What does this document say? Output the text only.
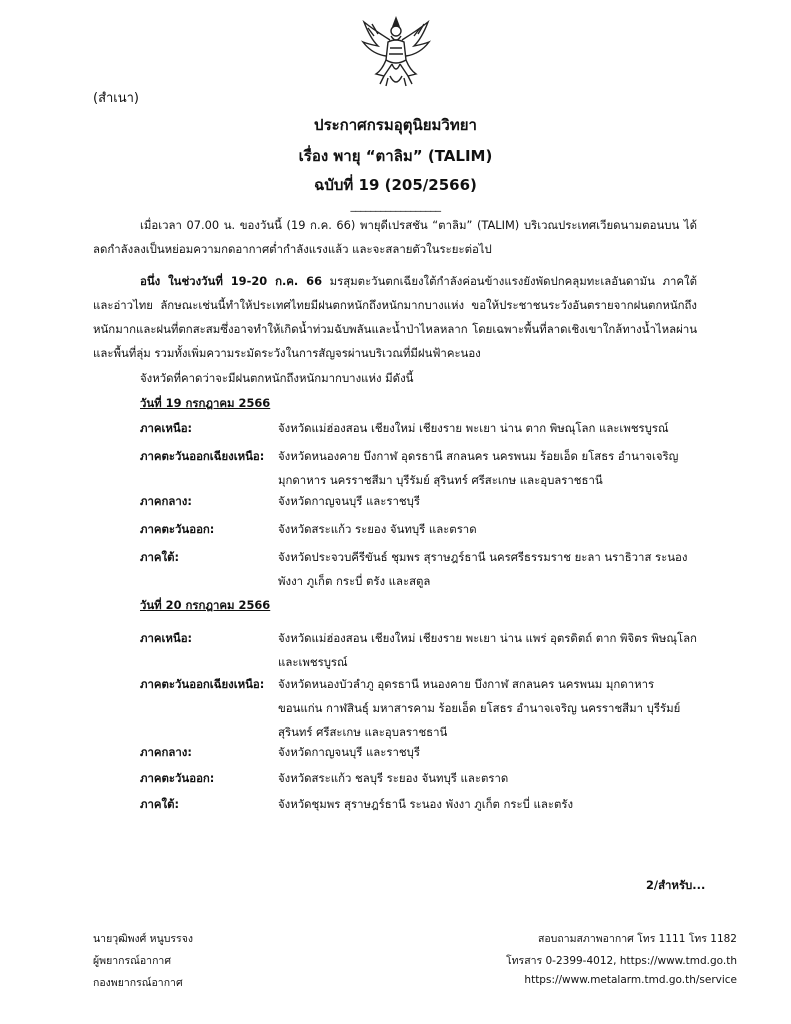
(สำเนา)
ประกาศกรมอุตุนิยมวิทยา
เรื่อง พายุ “ตาลิม” (TALIM)
ฉบับที่ 19 (205/2566)
__________________
เมื่อเวลา 07.00 น. ของวันนี้ (19 ก.ค. 66) พายุดีเปรสชัน “ตาลิม” (TALIM) บริเวณประเทศเวียดนามตอนบน ได้ลดกำลังลงเป็นหย่อมความกดอากาศต่ำกำลังแรงแล้ว และจะสลายตัวในระยะต่อไป
อนึ่ง ในช่วงวันที่ 19-20 ก.ค. 66 มรสุมตะวันตกเฉียงใต้กำลังค่อนข้างแรงยังพัดปกคลุมทะเลอันดามัน ภาคใต้ และอ่าวไทย ลักษณะเช่นนี้ทำให้ประเทศไทยมีฝนตกหนักถึงหนักมากบางแห่ง ขอให้ประชาชนระวังอันตรายจากฝนตกหนักถึงหนักมากและฝนที่ตกสะสมซึ่งอาจทำให้เกิดน้ำท่วมฉับพลันและน้ำป่าไหลหลาก โดยเฉพาะพื้นที่ลาดเชิงเขาใกล้ทางน้ำไหลผ่านและพื้นที่ลุ่ม รวมทั้งเพิ่มความระมัดระวังในการสัญจรผ่านบริเวณที่มีฝนฟ้าคะนอง
จังหวัดที่คาดว่าจะมีฝนตกหนักถึงหนักมากบางแห่ง มีดังนี้
วันที่ 19 กรกฎาคม 2566
ภาคเหนือ:	จังหวัดแม่ฮ่องสอน เชียงใหม่ เชียงราย พะเยา น่าน ตาก พิษณุโลก และเพชรบูรณ์
ภาคตะวันออกเฉียงเหนือ: จังหวัดหนองคาย บึงกาฬ อุดรธานี สกลนคร นครพนม ร้อยเอ็ด ยโสธร อำนาจเจริญ มุกดาหาร นครราชสีมา บุรีรัมย์ สุรินทร์ ศรีสะเกษ และอุบลราชธานี
ภาคกลาง:	จังหวัดกาญจนบุรี และราชบุรี
ภาคตะวันออก:	จังหวัดสระแก้ว ระยอง จันทบุรี และตราด
ภาคใต้:	จังหวัดประจวบคีรีขันธ์ ชุมพร สุราษฎร์ธานี นครศรีธรรมราช ยะลา นราธิวาส ระนอง พังงา ภูเก็ต กระบี่ ตรัง และสตูล
วันที่ 20 กรกฎาคม 2566
ภาคเหนือ:	จังหวัดแม่ฮ่องสอน เชียงใหม่ เชียงราย พะเยา น่าน แพร่ อุตรดิตถ์ ตาก พิจิตร พิษณุโลก และเพชรบูรณ์
ภาคตะวันออกเฉียงเหนือ: จังหวัดหนองบัวลำภู อุดรธานี หนองคาย บึงกาฬ สกลนคร นครพนม มุกดาหาร ขอนแก่น กาฬสินธุ์ มหาสารคาม ร้อยเอ็ด ยโสธร อำนาจเจริญ นครราชสีมา บุรีรัมย์ สุรินทร์ ศรีสะเกษ และอุบลราชธานี
ภาคกลาง:	จังหวัดกาญจนบุรี และราชบุรี
ภาคตะวันออก:	จังหวัดสระแก้ว ชลบุรี ระยอง จันทบุรี และตราด
ภาคใต้:	จังหวัดชุมพร สุราษฎร์ธานี ระนอง พังงา ภูเก็ต กระบี่ และตรัง
2/สำหรับ...
นายวุฒิพงศ์ หนูบรรจง
ผู้พยากรณ์อากาศ
กองพยากรณ์อากาศ
สอบถามสภาพอากาศ โทร 1111 โทร 1182
โทรสาร 0-2399-4012, https://www.tmd.go.th
https://www.metalarm.tmd.go.th/service
